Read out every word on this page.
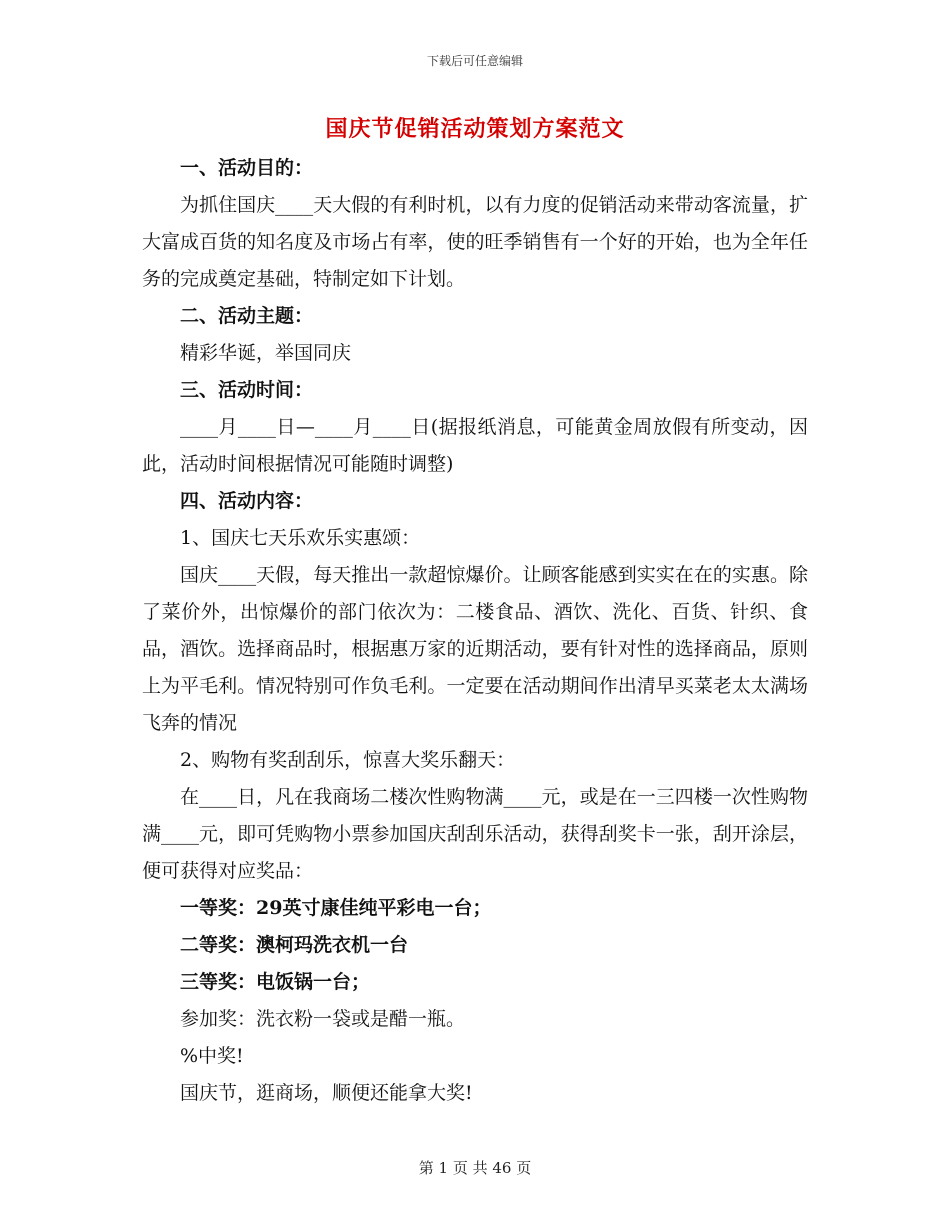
下载后可任意编辑
国庆节促销活动策划方案范文

一、活动目的：

为抓住国庆____天大假的有利时机，以有力度的促销活动来带动客流量，扩大富成百货的知名度及市场占有率，使的旺季销售有一个好的开始，也为全年任务的完成奠定基础，特制定如下计划。

二、活动主题：

精彩华诞，举国同庆

三、活动时间：

____月____日—____月____日(据报纸消息，可能黄金周放假有所变动，因此，活动时间根据情况可能随时调整)

四、活动内容：

1、国庆七天乐欢乐实惠颂：

国庆____天假，每天推出一款超惊爆价。让顾客能感到实实在在的实惠。除了菜价外，出惊爆价的部门依次为：二楼食品、酒饮、洗化、百货、针织、食品，酒饮。选择商品时，根据惠万家的近期活动，要有针对性的选择商品，原则上为平毛利。情况特别可作负毛利。一定要在活动期间作出清早买菜老太太满场飞奔的情况

2、购物有奖刮刮乐，惊喜大奖乐翻天：

在____日，凡在我商场二楼次性购物满____元，或是在一三四楼一次性购物满____元，即可凭购物小票参加国庆刮刮乐活动，获得刮奖卡一张，刮开涂层，便可获得对应奖品：

一等奖：29英寸康佳纯平彩电一台；

二等奖：澳柯玛洗衣机一台

三等奖：电饭锅一台；

参加奖：洗衣粉一袋或是醋一瓶。

%中奖!

国庆节，逛商场，顺便还能拿大奖!

第 1 页 共 46 页
